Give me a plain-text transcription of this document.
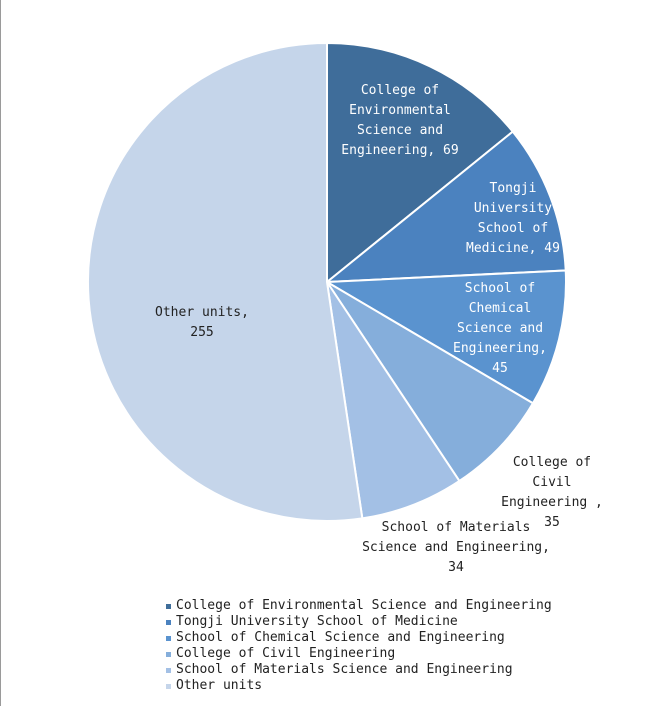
College of Environmental Science and Engineering, 69
Tongji University School of Medicine, 49
School of Chemical Science and Engineering, 45
College of Civil Engineering , 35
School of Materials Science and Engineering, 34
Other units, 255
College of Environmental Science and Engineering
Tongji University School of Medicine
School of Chemical Science and Engineering
College of Civil Engineering
School of Materials Science and Engineering
Other units
